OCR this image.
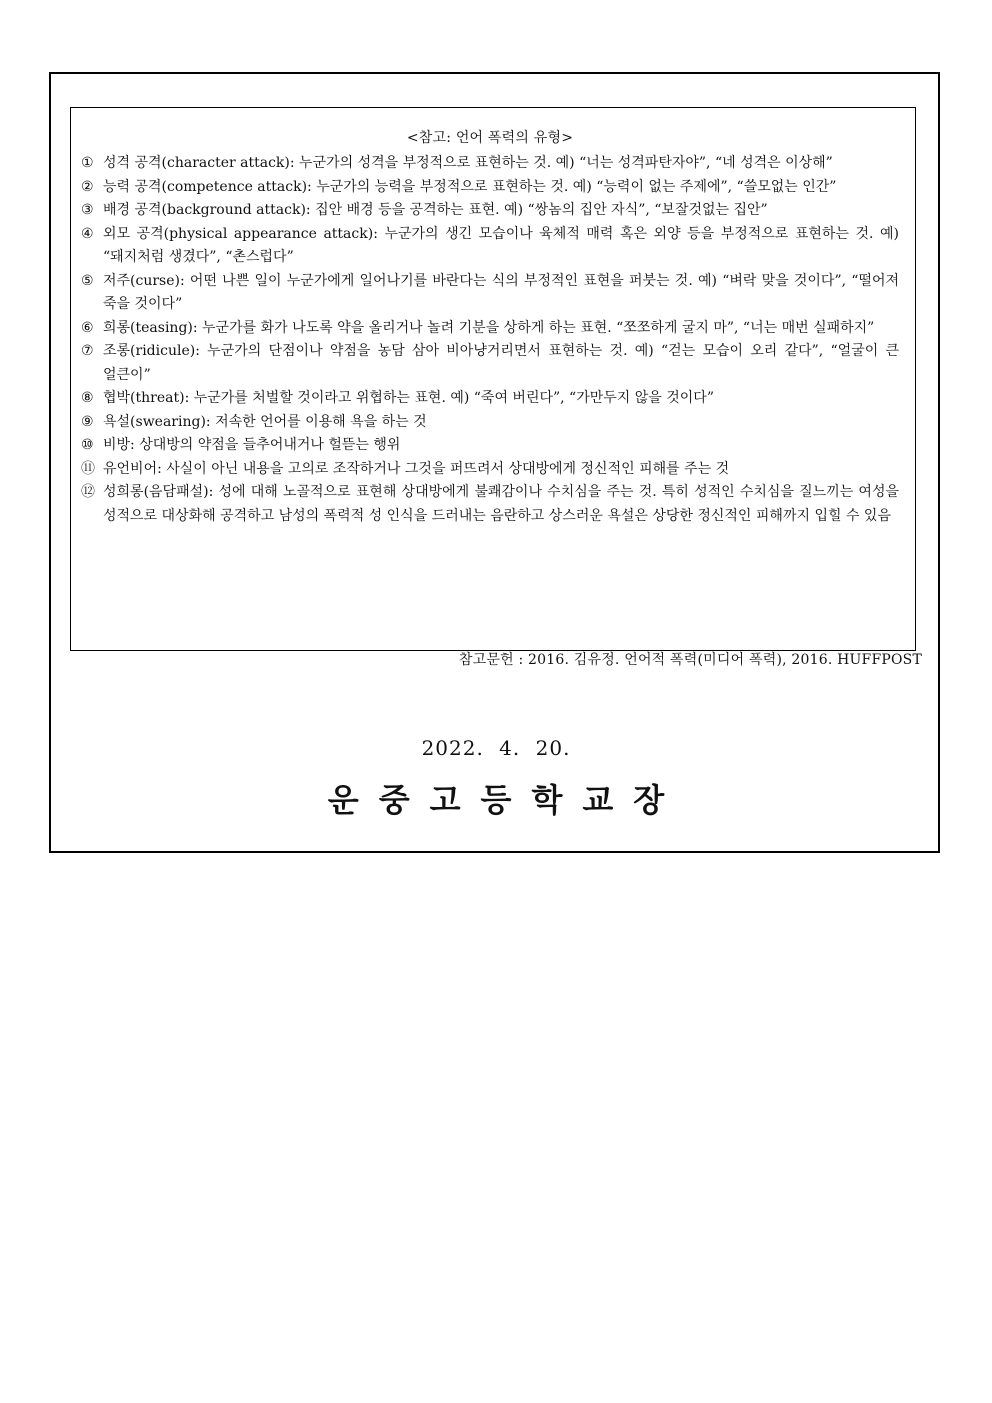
<참고: 언어 폭력의 유형>
① 성격 공격(character attack): 누군가의 성격을 부정적으로 표현하는 것. 예) “너는 성격파탄자야”, “네 성격은 이상해”
② 능력 공격(competence attack): 누군가의 능력을 부정적으로 표현하는 것. 예) “능력이 없는 주제에”, “쓸모없는 인간”
③ 배경 공격(background attack): 집안 배경 등을 공격하는 표현. 예) “쌍놈의 집안 자식”, “보잘것없는 집안”
④ 외모 공격(physical appearance attack): 누군가의 생긴 모습이나 육체적 매력 혹은 외양 등을 부정적으로 표현하는 것. 예) “돼지처럼 생겼다”, “촌스럽다”
⑤ 저주(curse): 어떤 나쁜 일이 누군가에게 일어나기를 바란다는 식의 부정적인 표현을 퍼붓는 것. 예) “벼락 맞을 것이다”, “떨어져 죽을 것이다”
⑥ 희롱(teasing): 누군가를 화가 나도록 약을 올리거나 놀려 기분을 상하게 하는 표현. “쪼쪼하게 굴지 마”, “너는 매번 실패하지”
⑦ 조롱(ridicule): 누군가의 단점이나 약점을 농담 삼아 비아냥거리면서 표현하는 것. 예) “걷는 모습이 오리 같다”, “얼굴이 큰 얼큰이”
⑧ 협박(threat): 누군가를 처벌할 것이라고 위협하는 표현. 예) “죽여 버린다”, “가만두지 않을 것이다”
⑨ 욕설(swearing): 저속한 언어를 이용해 욕을 하는 것
⑩ 비방: 상대방의 약점을 들추어내거나 헐뜯는 행위
⑪ 유언비어: 사실이 아닌 내용을 고의로 조작하거나 그것을 퍼뜨려서 상대방에게 정신적인 피해를 주는 것
⑫ 성희롱(음담패설): 성에 대해 노골적으로 표현해 상대방에게 불쾌감이나 수치심을 주는 것. 특히 성적인 수치심을 질느끼는 여성을 성적으로 대상화해 공격하고 남성의 폭력적 성 인식을 드러내는 음란하고 상스러운 욕설은 상당한 정신적인 피해까지 입힐 수 있음
참고문헌 : 2016. 김유정. 언어적 폭력(미디어 폭력), 2016. HUFFPOST
2022. 4. 20.
운중고등학교장
